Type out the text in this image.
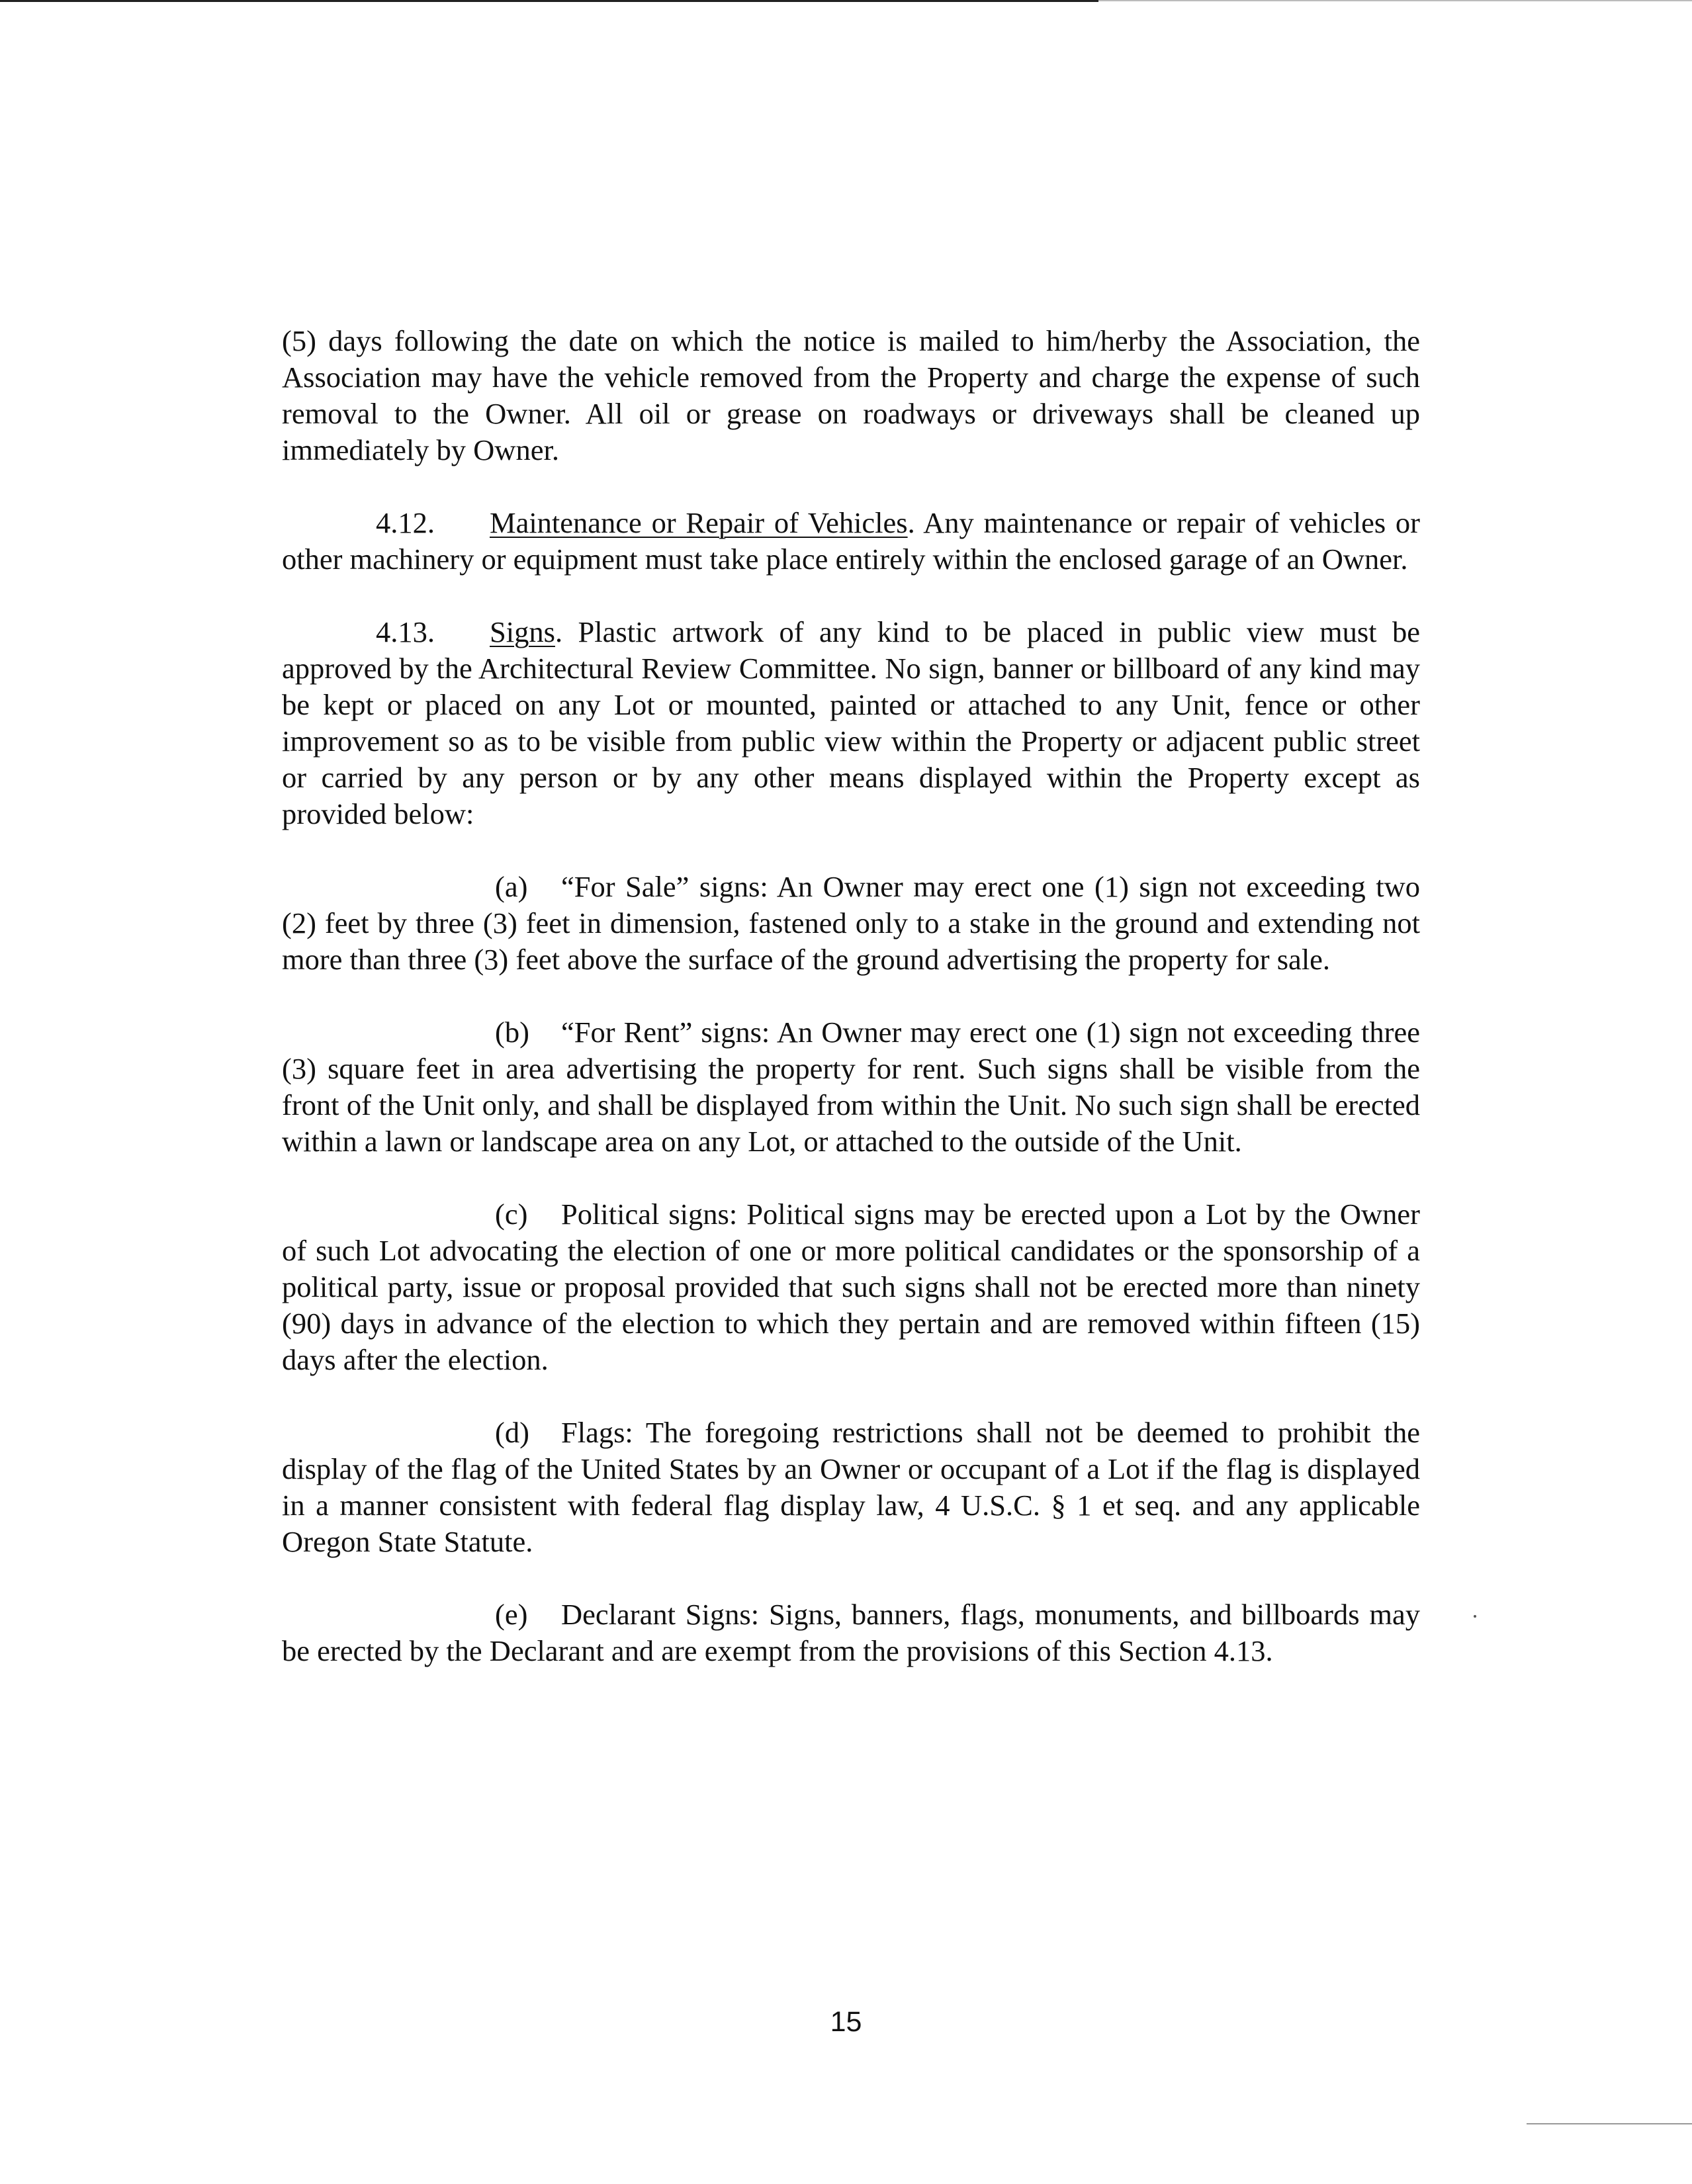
(5) days following the date on which the notice is mailed to him/herby the Association, the Association may have the vehicle removed from the Property and charge the expense of such removal to the Owner. All oil or grease on roadways or driveways shall be cleaned up immediately by Owner.

4.12. Maintenance or Repair of Vehicles. Any maintenance or repair of vehicles or other machinery or equipment must take place entirely within the enclosed garage of an Owner.

4.13. Signs. Plastic artwork of any kind to be placed in public view must be approved by the Architectural Review Committee. No sign, banner or billboard of any kind may be kept or placed on any Lot or mounted, painted or attached to any Unit, fence or other improvement so as to be visible from public view within the Property or adjacent public street or carried by any person or by any other means displayed within the Property except as provided below:

(a) “For Sale” signs: An Owner may erect one (1) sign not exceeding two (2) feet by three (3) feet in dimension, fastened only to a stake in the ground and extending not more than three (3) feet above the surface of the ground advertising the property for sale.

(b) “For Rent” signs: An Owner may erect one (1) sign not exceeding three (3) square feet in area advertising the property for rent. Such signs shall be visible from the front of the Unit only, and shall be displayed from within the Unit. No such sign shall be erected within a lawn or landscape area on any Lot, or attached to the outside of the Unit.

(c) Political signs: Political signs may be erected upon a Lot by the Owner of such Lot advocating the election of one or more political candidates or the sponsorship of a political party, issue or proposal provided that such signs shall not be erected more than ninety (90) days in advance of the election to which they pertain and are removed within fifteen (15) days after the election.

(d) Flags: The foregoing restrictions shall not be deemed to prohibit the display of the flag of the United States by an Owner or occupant of a Lot if the flag is displayed in a manner consistent with federal flag display law, 4 U.S.C. § 1 et seq. and any applicable Oregon State Statute.

(e) Declarant Signs: Signs, banners, flags, monuments, and billboards may be erected by the Declarant and are exempt from the provisions of this Section 4.13.

15
